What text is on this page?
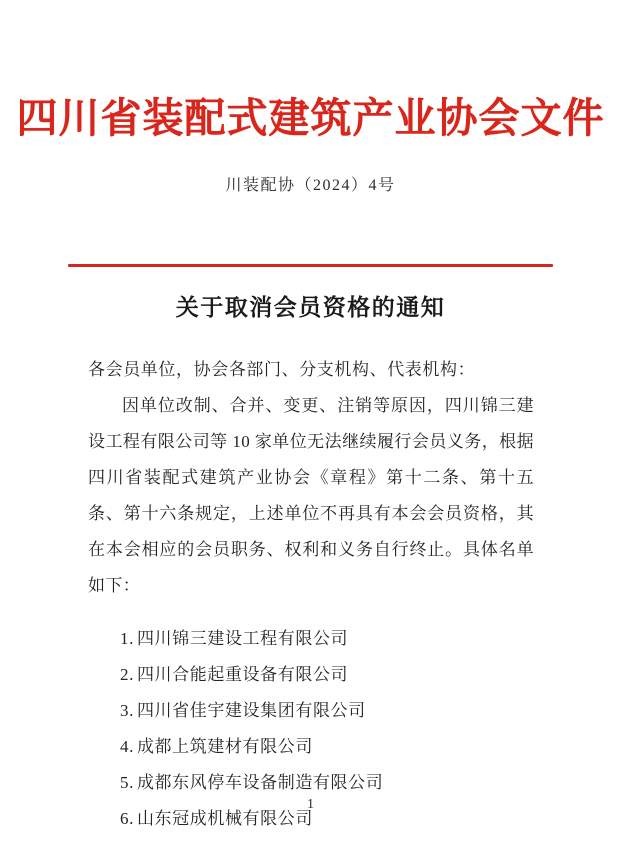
四川省装配式建筑产业协会文件
川装配协（2024）4号
关于取消会员资格的通知
各会员单位，协会各部门、分支机构、代表机构：

因单位改制、合并、变更、注销等原因，四川锦三建设工程有限公司等 10 家单位无法继续履行会员义务，根据四川省装配式建筑产业协会《章程》第十二条、第十五条、第十六条规定，上述单位不再具有本会会员资格，其在本会相应的会员职务、权利和义务自行终止。具体名单如下：

1. 四川锦三建设工程有限公司
2. 四川合能起重设备有限公司
3. 四川省佳宇建设集团有限公司
4. 成都上筑建材有限公司
5. 成都东风停车设备制造有限公司
6. 山东冠成机械有限公司
1
